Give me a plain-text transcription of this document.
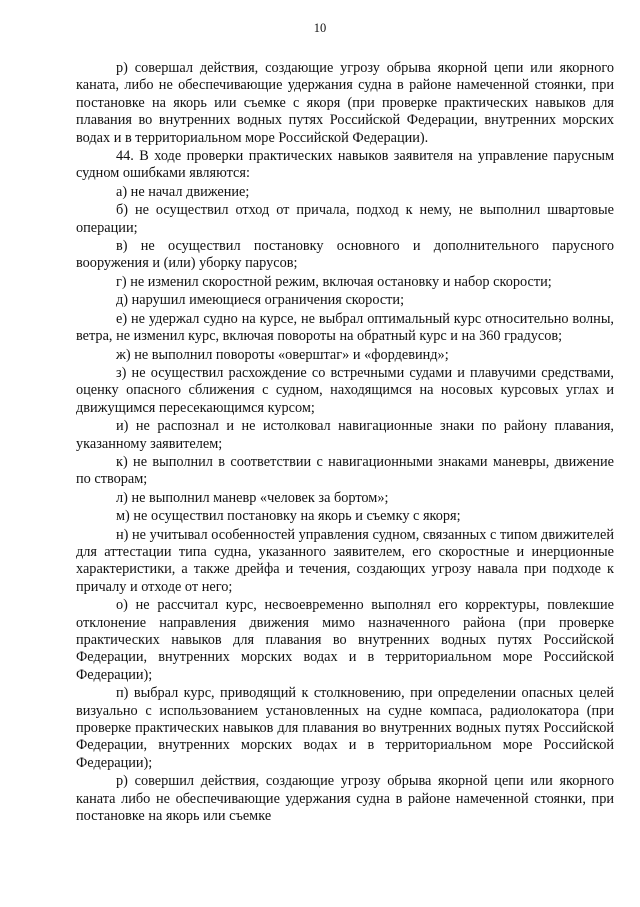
10

р) совершал действия, создающие угрозу обрыва якорной цепи или якорного каната, либо не обеспечивающие удержания судна в районе намеченной стоянки, при постановке на якорь или съемке с якоря (при проверке практических навыков для плавания во внутренних водных путях Российской Федерации, внутренних морских водах и в территориальном море Российской Федерации).

44. В ходе проверки практических навыков заявителя на управление парусным судном ошибками являются:

а) не начал движение;

б) не осуществил отход от причала, подход к нему, не выполнил швартовые операции;

в) не осуществил постановку основного и дополнительного парусного вооружения и (или) уборку парусов;

г) не изменил скоростной режим, включая остановку и набор скорости;

д) нарушил имеющиеся ограничения скорости;

е) не удержал судно на курсе, не выбрал оптимальный курс относительно волны, ветра, не изменил курс, включая повороты на обратный курс и на 360 градусов;

ж) не выполнил повороты «оверштаг» и «фордевинд»;

з) не осуществил расхождение со встречными судами и плавучими средствами, оценку опасного сближения с судном, находящимся на носовых курсовых углах и движущимся пересекающимся курсом;

и) не распознал и не истолковал навигационные знаки по району плавания, указанному заявителем;

к) не выполнил в соответствии с навигационными знаками маневры, движение по створам;

л) не выполнил маневр «человек за бортом»;

м) не осуществил постановку на якорь и съемку с якоря;

н) не учитывал особенностей управления судном, связанных с типом движителей для аттестации типа судна, указанного заявителем, его скоростные и инерционные характеристики, а также дрейфа и течения, создающих угрозу навала при подходе к причалу и отходе от него;

о) не рассчитал курс, несвоевременно выполнял его корректуры, повлекшие отклонение направления движения мимо назначенного района (при проверке практических навыков для плавания во внутренних водных путях Российской Федерации, внутренних морских водах и в территориальном море Российской Федерации);

п) выбрал курс, приводящий к столкновению, при определении опасных целей визуально с использованием установленных на судне компаса, радиолокатора (при проверке практических навыков для плавания во внутренних водных путях Российской Федерации, внутренних морских водах и в территориальном море Российской Федерации);

р) совершил действия, создающие угрозу обрыва якорной цепи или якорного каната либо не обеспечивающие удержания судна в районе намеченной стоянки, при постановке на якорь или съемке
